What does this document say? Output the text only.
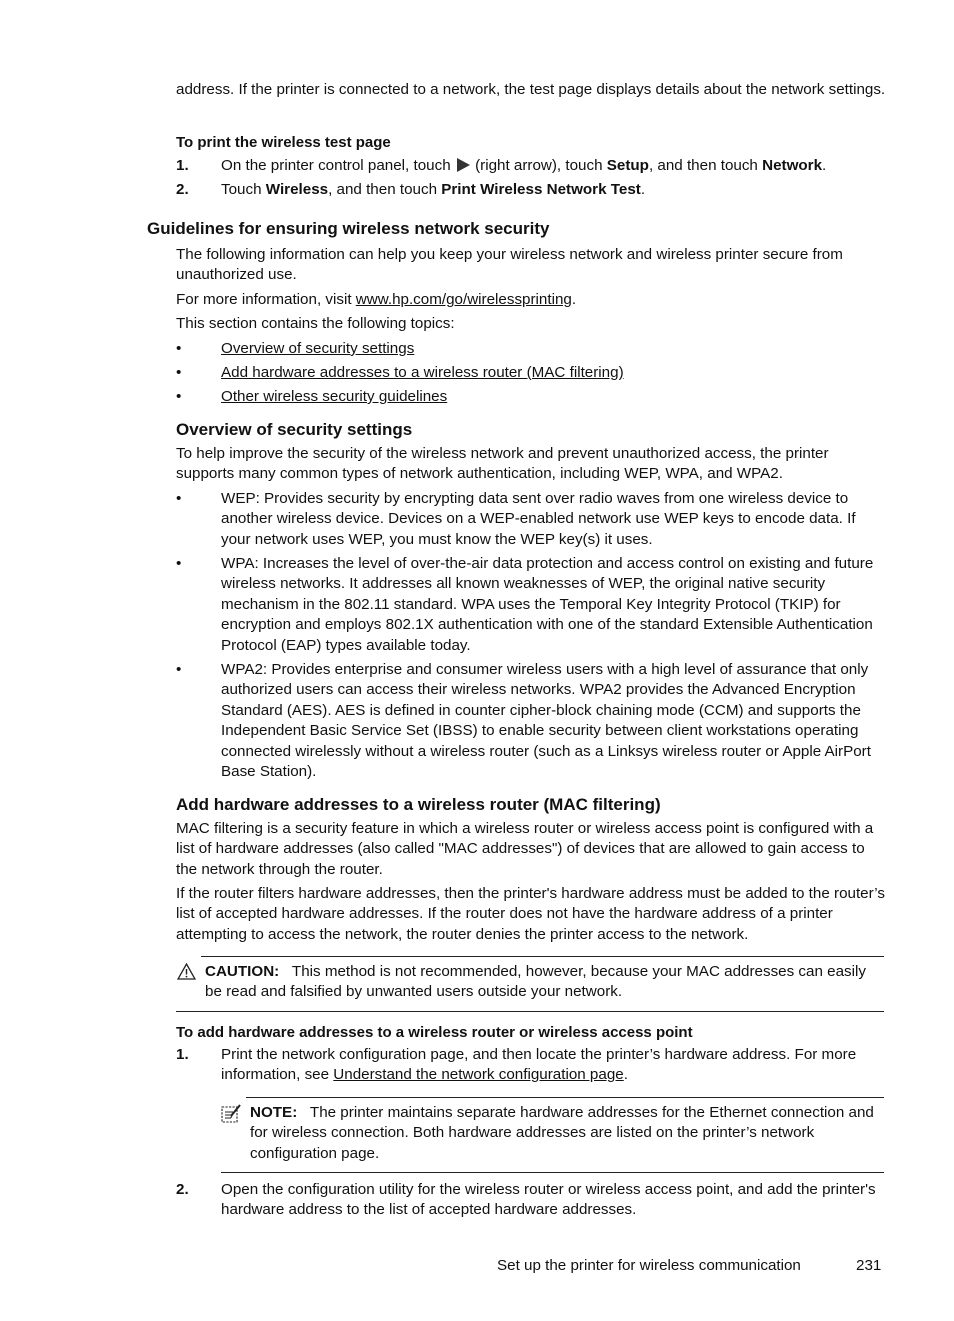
address. If the printer is connected to a network, the test page displays details about the network settings.

To print the wireless test page

1. On the printer control panel, touch  (right arrow), touch Setup, and then touch Network.

2. Touch Wireless, and then touch Print Wireless Network Test.

Guidelines for ensuring wireless network security

The following information can help you keep your wireless network and wireless printer secure from unauthorized use.

For more information, visit www.hp.com/go/wirelessprinting.

This section contains the following topics:

•	Overview of security settings
•	Add hardware addresses to a wireless router (MAC filtering)
•	Other wireless security guidelines
Overview of security settings

To help improve the security of the wireless network and prevent unauthorized access, the printer supports many common types of network authentication, including WEP, WPA, and WPA2.

•	WEP: Provides security by encrypting data sent over radio waves from one wireless device to another wireless device. Devices on a WEP-enabled network use WEP keys to encode data. If your network uses WEP, you must know the WEP key(s) it uses.

•	WPA: Increases the level of over-the-air data protection and access control on existing and future wireless networks. It addresses all known weaknesses of WEP, the original native security mechanism in the 802.11 standard. WPA uses the Temporal Key Integrity Protocol (TKIP) for encryption and employs 802.1X authentication with one of the standard Extensible Authentication Protocol (EAP) types available today.

•	WPA2: Provides enterprise and consumer wireless users with a high level of assurance that only authorized users can access their wireless networks. WPA2 provides the Advanced Encryption Standard (AES). AES is defined in counter cipher-block chaining mode (CCM) and supports the Independent Basic Service Set (IBSS) to enable security between client workstations operating connected wirelessly without a wireless router (such as a Linksys wireless router or Apple AirPort Base Station).

Add hardware addresses to a wireless router (MAC filtering)

MAC filtering is a security feature in which a wireless router or wireless access point is configured with a list of hardware addresses (also called "MAC addresses") of devices that are allowed to gain access to the network through the router.

If the router filters hardware addresses, then the printer's hardware address must be added to the router’s list of accepted hardware addresses. If the router does not have the hardware address of a printer attempting to access the network, the router denies the printer access to the network.

CAUTION: This method is not recommended, however, because your MAC addresses can easily be read and falsified by unwanted users outside your network.

To add hardware addresses to a wireless router or wireless access point

1. Print the network configuration page, and then locate the printer’s hardware address. For more information, see Understand the network configuration page.

NOTE: The printer maintains separate hardware addresses for the Ethernet connection and for wireless connection. Both hardware addresses are listed on the printer’s network configuration page.

2. Open the configuration utility for the wireless router or wireless access point, and add the printer's hardware address to the list of accepted hardware addresses.

Set up the printer for wireless communication	231
